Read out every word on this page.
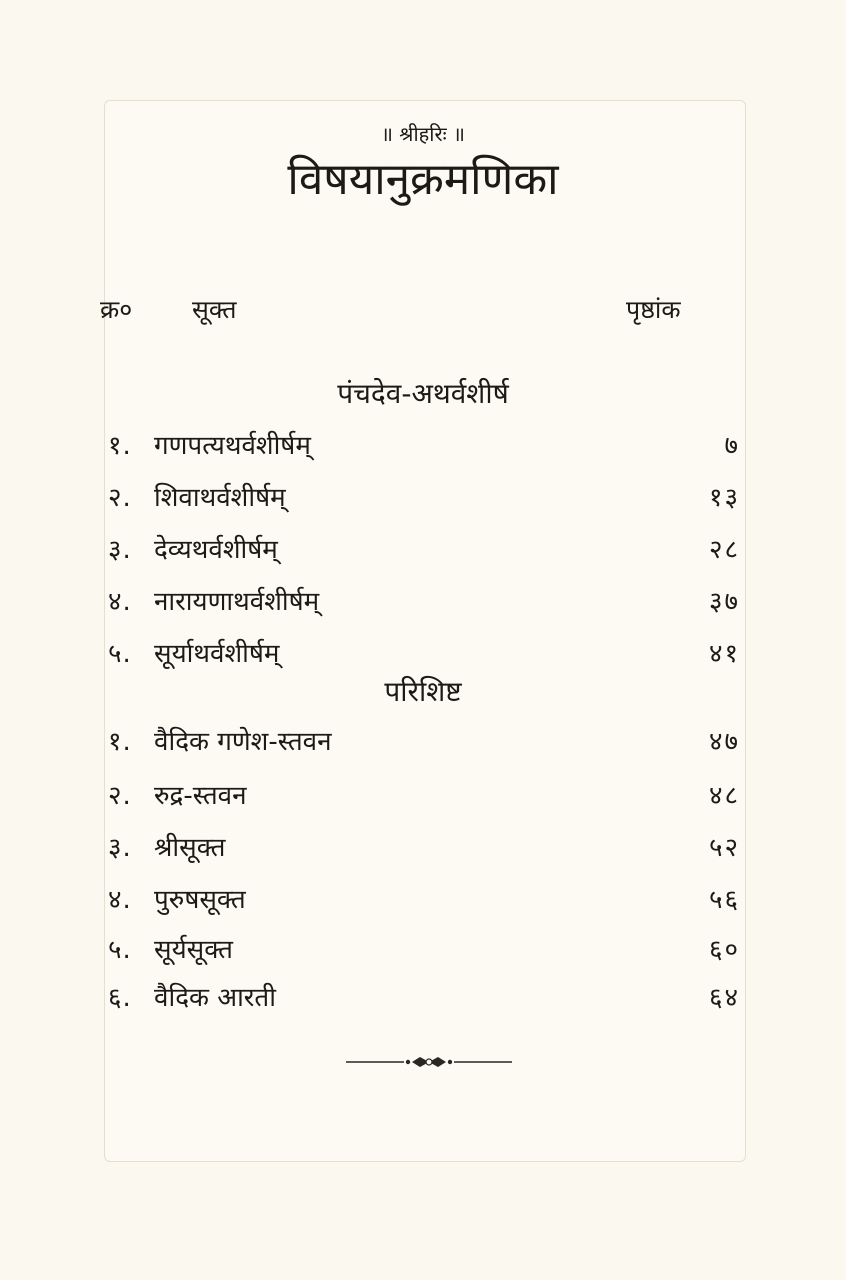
॥ श्रीहरिः ॥
विषयानुक्रमणिका
क्र० सूक्त	पृष्ठांक
पंचदेव-अथर्वशीर्ष
१. गणपत्यथर्वशीर्षम्	७
२. शिवाथर्वशीर्षम्	१३
३. देव्यथर्वशीर्षम्	२८
४. नारायणाथर्वशीर्षम्	३७
५. सूर्याथर्वशीर्षम्	४१
परिशिष्ट
१. वैदिक गणेश-स्तवन	४७
२. रुद्र-स्तवन	४८
३. श्रीसूक्त	५२
४. पुरुषसूक्त	५६
५. सूर्यसूक्त	६०
६. वैदिक आरती	६४
